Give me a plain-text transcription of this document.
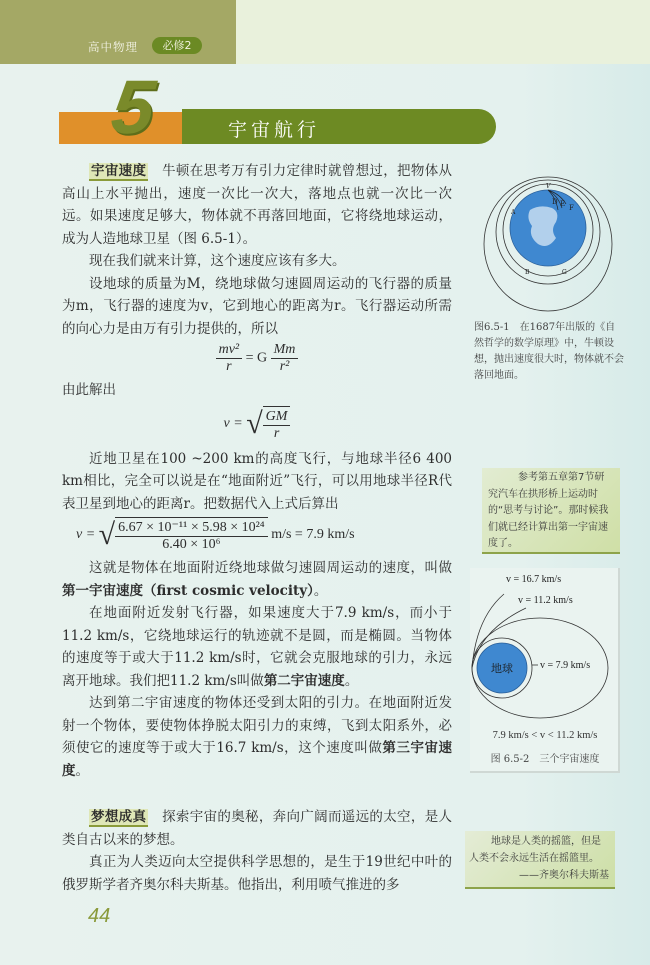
高中物理	必修2
5	宇宙航行

宇宙速度　 牛顿在思考万有引力定律时就曾想过，把物体从高山上水平抛出，速度一次比一次大，落地点也就一次比一次远。如果速度足够大，物体就不再落回地面，它将绕地球运动，成为人造地球卫星（图 6.5-1）。

现在我们就来计算，这个速度应该有多大。

设地球的质量为M，绕地球做匀速圆周运动的飞行器的质量为m，飞行器的速度为v，它到地心的距离为r。飞行器运动所需的向心力是由万有引力提供的，所以

$\frac{\text{mv²}}{r} = G \frac{Mm}{\text{r²}}$

由此解出

v = √ $\frac{GM}{r}$

近地卫星在100 ~200 km的高度飞行，与地球半径6 400 km相比，完全可以说是在“地面附近”飞行，可以用地球半径R代表卫星到地心的距离r。把数据代入上式后算出

v = √ $\frac{\text{6.67 × 10⁻¹¹ × 5.98 × 10²⁴}}{\text{6.40 × 10⁶}} m/s = 7.9$ km/s

这就是物体在地面附近绕地球做匀速圆周运动的速度，叫做第一宇宙速度（first cosmic velocity）。

在地面附近发射飞行器，如果速度大于7.9 km/s，而小于11.2 km/s，它绕地球运行的轨迹就不是圆，而是椭圆。当物体的速度等于或大于11.2 km/s时，它就会克服地球的引力，永远离开地球。我们把11.2 km/s叫做第二宇宙速度。

达到第二宇宙速度的物体还受到太阳的引力。在地面附近发射一个物体，要使物体挣脱太阳引力的束缚，飞到太阳系外，必须使它的速度等于或大于16.7 km/s，这个速度叫做第三宇宙速度。

梦想成真　 探索宇宙的奥秘，奔向广阔而遥远的太空，是人类自古以来的梦想。

真正为人类迈向太空提供科学思想的，是生于19世纪中叶的俄罗斯学者齐奥尔科夫斯基。他指出，利用喷气推进的多

44
V
D E F
A
B	G
图6.5-1　在1687年出版的《自然哲学的数学原理》中，牛顿设想，抛出速度很大时，物体就不会落回地面。
参考第五章第7节研
究汽车在拱形桥上运动时的“思考与讨论”。那时候我们就已经计算出第一宇宙速度了。
地球
v = 16.7 km/s
v = 11.2 km/s
v = 7.9 km/s
7.9 km/s < v < 11.2 km/s
图 6.5-2　三个宇宙速度
地球是人类的摇篮，但是
人类不会永远生活在摇篮里。
——齐奥尔科夫斯基
